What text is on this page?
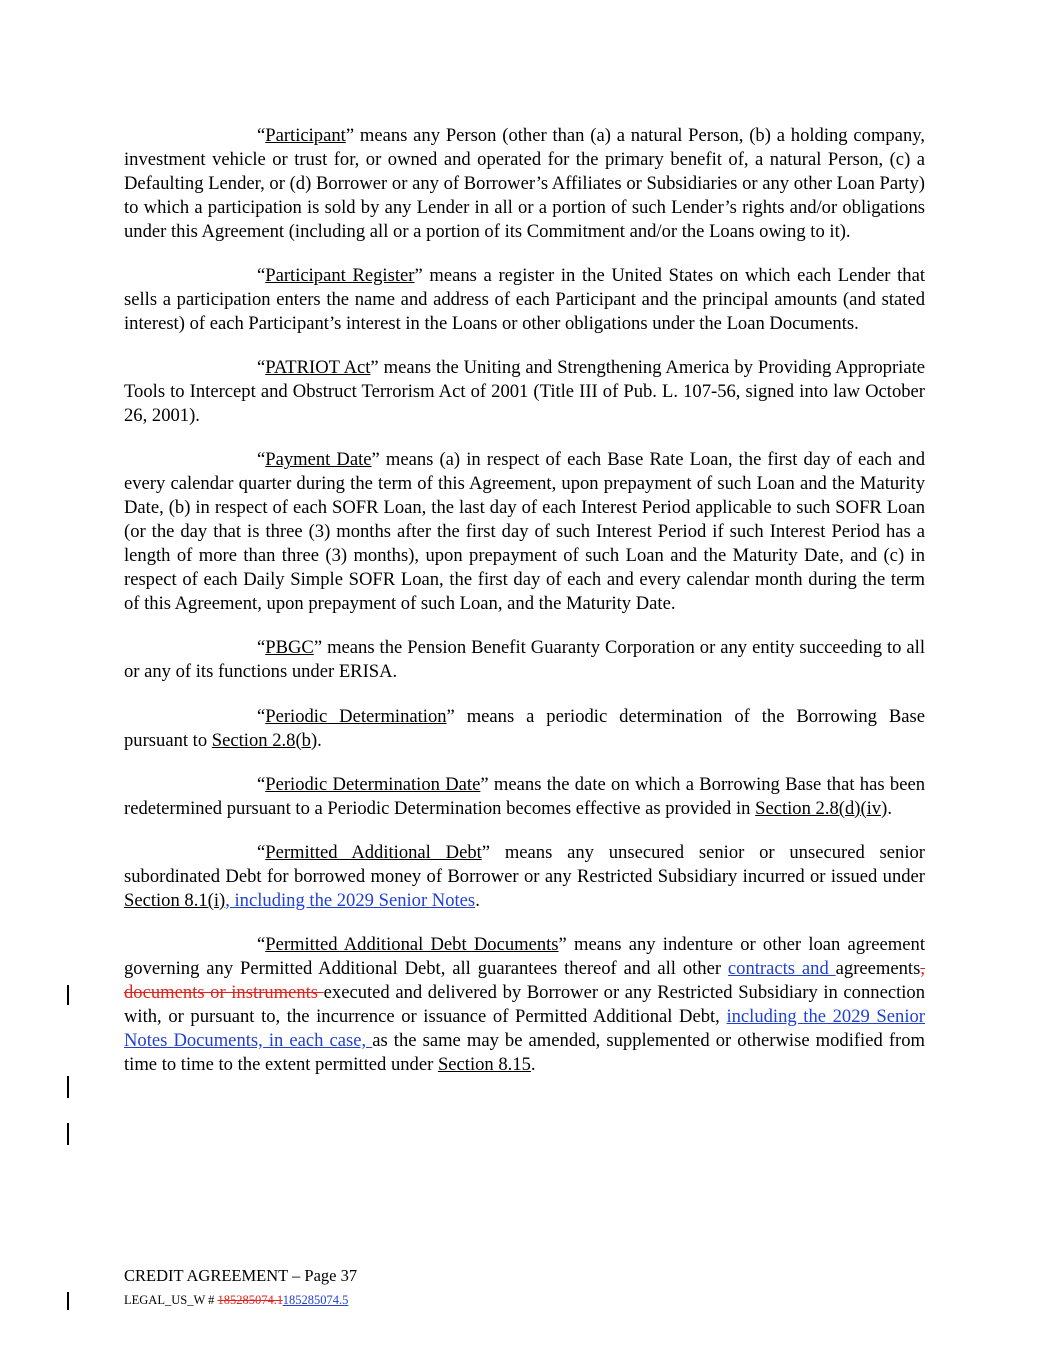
“Participant” means any Person (other than (a) a natural Person, (b) a holding company, investment vehicle or trust for, or owned and operated for the primary benefit of, a natural Person, (c) a Defaulting Lender, or (d) Borrower or any of Borrower’s Affiliates or Subsidiaries or any other Loan Party) to which a participation is sold by any Lender in all or a portion of such Lender’s rights and/or obligations under this Agreement (including all or a portion of its Commitment and/or the Loans owing to it).

“Participant Register” means a register in the United States on which each Lender that sells a participation enters the name and address of each Participant and the principal amounts (and stated interest) of each Participant’s interest in the Loans or other obligations under the Loan Documents.

“PATRIOT Act” means the Uniting and Strengthening America by Providing Appropriate Tools to Intercept and Obstruct Terrorism Act of 2001 (Title III of Pub. L. 107-56, signed into law October 26, 2001).

“Payment Date” means (a) in respect of each Base Rate Loan, the first day of each and every calendar quarter during the term of this Agreement, upon prepayment of such Loan and the Maturity Date, (b) in respect of each SOFR Loan, the last day of each Interest Period applicable to such SOFR Loan (or the day that is three (3) months after the first day of such Interest Period if such Interest Period has a length of more than three (3) months), upon prepayment of such Loan and the Maturity Date, and (c) in respect of each Daily Simple SOFR Loan, the first day of each and every calendar month during the term of this Agreement, upon prepayment of such Loan, and the Maturity Date.

“PBGC” means the Pension Benefit Guaranty Corporation or any entity succeeding to all or any of its functions under ERISA.

“Periodic Determination” means a periodic determination of the Borrowing Base pursuant to Section 2.8(b).

“Periodic Determination Date” means the date on which a Borrowing Base that has been redetermined pursuant to a Periodic Determination becomes effective as provided in Section 2.8(d)(iv).

“Permitted Additional Debt” means any unsecured senior or unsecured senior subordinated Debt for borrowed money of Borrower or any Restricted Subsidiary incurred or issued under Section 8.1(i), including the 2029 Senior Notes.

“Permitted Additional Debt Documents” means any indenture or other loan agreement governing any Permitted Additional Debt, all guarantees thereof and all other contracts and agreements, documents or instruments executed and delivered by Borrower or any Restricted Subsidiary in connection with, or pursuant to, the incurrence or issuance of Permitted Additional Debt, including the 2029 Senior Notes Documents, in each case, as the same may be amended, supplemented or otherwise modified from time to time to the extent permitted under Section 8.15.

CREDIT AGREEMENT – Page 37
LEGAL_US_W # 185285074.1185285074.5
